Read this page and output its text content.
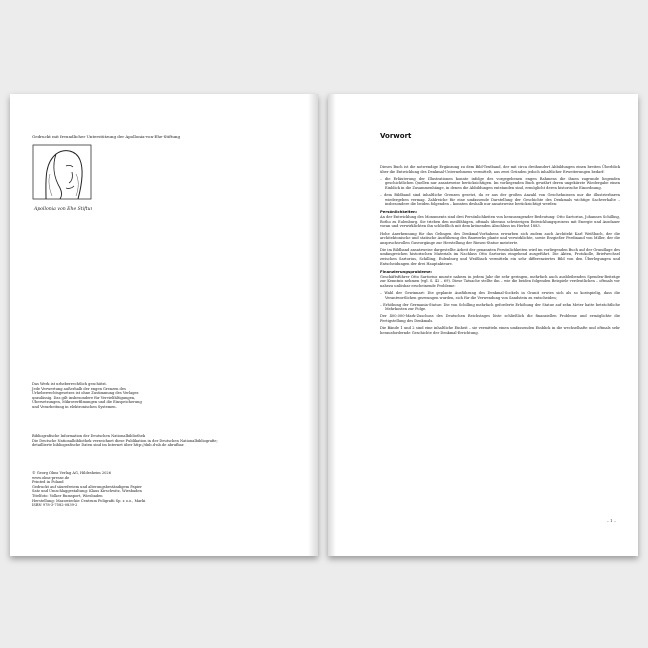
Gedruckt mit freundlicher Unterstützung der Apollonia-von-Ehe-Stiftung
Apollonia von Ehe Stiftung
Das Werk ist urheberrechtlich geschützt.
Jede Verwertung außerhalb der engen Grenzen des
Urheberrechtsgesetzes ist ohne Zustimmung des Verlages
unzulässig. Das gilt insbesondere für Vervielfältigungen,
Übersetzungen, Mikroverfilmungen und die Einspeicherung
und Verarbeitung in elektronischen Systemen.
Bibliografische Information der Deutschen Nationalbibliothek
Die Deutsche Nationalbibliothek verzeichnet diese Publikation in der Deutschen Nationalbibliografie;
detaillierte bibliografische Daten sind im Internet über http://dnb.d-nb.de abrufbar.
© Georg Olms Verlag AG, Hildesheim 2026
www.olms-presse.de
Printed in Poland
Gedruckt auf säurefreiem und alterungsbeständigem Papier
Satz und Umschlaggestaltung: Klaus Kirschwitz, Wiesbaden
Titelfoto: Volker Rumsport, Wiesbaden
Herstellung: Mazowieckie Centrum Poligrafii Sp. z o.o., Marki
ISBN 978-3-7582-0839-2
Vorwort

Dieses Buch ist die notwendige Ergänzung zu dem Bild-Textband, der mit circa dreihundert Abbildungen einen breiten Überblick über die Entwicklung des Denkmal-Unternehmens vermittelt, aus zwei Gründen jedoch inhaltlicher Erweiterungen bedarf:

– die Erläuterung der Illustrationen konnte infolge des vorgegebenen engen Rahmens die ihnen zugrunde liegenden geschichtlichen Quellen nur ansatzweise berücksichtigen. Im vorliegenden Buch gewährt deren ungekürzte Wiedergabe einen Einblick in die Zusammenhänge, in denen die Abbildungen entstanden sind, ermöglicht deren historische Einordnung.

– dem Bildband sind inhaltliche Grenzen gesetzt, da er aus der großen Anzahl von Geschehnissen nur die illustrierbaren wiedergeben vermag. Zahlreiche für eine umfassende Darstellung der Geschichte des Denkmals wichtige Sachverhalte – insbesondere die beiden folgenden – konnten deshalb nur ansatzweise berücksichtigt werden:

Persönlichkeiten:

An der Entwicklung des Monuments sind drei Persönlichkeiten von herausragender Bedeutung: Otto Sartorius, Johannes Schilling, Botho zu Eulenburg. Sie trieben den meißfähigen, oftmals überaus schwierigen Entwicklungsprozess mit Energie und Ausdauer voran und verwirklichten ihn schließlich mit dem krönenden Abschluss im Herbst 1883.

Hohe Anerkennung für das Gelingen des Denkmal-Vorhabens erwarben sich zudem auch Architekt Karl Weißbach, der die architektonische und statische Ausführung des Bauwerks plante und verwirklichte, sowie Erzgießer Ferdinand von Miller, der die anspruchsvollen Gusvorgänge zur Herstellung der Riesen-Statue meisterte.

Die im Bildband ansatzweise dargestellte Arbeit der genannten Persönlichkeiten wird im vorliegenden Buch auf der Grundlage des umfangreichen historischen Materials im Nachlass Otto Sartorius eingehend ausgeführt. Die Akten, Protokolle, Briefwechsel zwischen Sartorius, Schilling, Eulenburg und Weißbach vermitteln ein sehr differenziertes Bild von den Überlegungen und Entscheidungen der drei Hauptakteure.

Finanzierungsprobleme:

Geschäftsführer Otto Sartorius musste nahezu in jedem Jahr die sehr geringen, mehrfach auch ausbleibenden Spenden-Beiträge zur Kenntnis nehmen (vgl. S. 42 – 69). Diese Tatsache stellte ihn – wie die beiden folgenden Beispiele verdeutlichen – oftmals vor nahezu unlösbar erscheinende Probleme:

– Wahl der Gewinnart: Die geplante Ausführung des Denkmal-Sockels in Granit erwies sich als so kostspielig, dass die Verantwortlichen gezwungen wurden, sich für die Verwendung von Sandstein zu entscheiden;

– Erhöhung der Germania-Statue: Die von Schilling mehrfach geforderte Erhöhung der Statue auf zehn Meter hatte beträchtliche Mehrkosten zur Folge.

Der 400.000-Mark-Zuschuss des Deutschen Reichstages löste schließlich die finanziellen Probleme und ermöglichte die Fertigstellung des Denkmals.

Die Bände 1 und 2 sind eine inhaltliche Einheit – sie vermitteln einen umfassenden Einblick in die wechselhafte und oftmals sehr herausfordernde Geschichte der Denkmal-Errichtung.

– 1 –
